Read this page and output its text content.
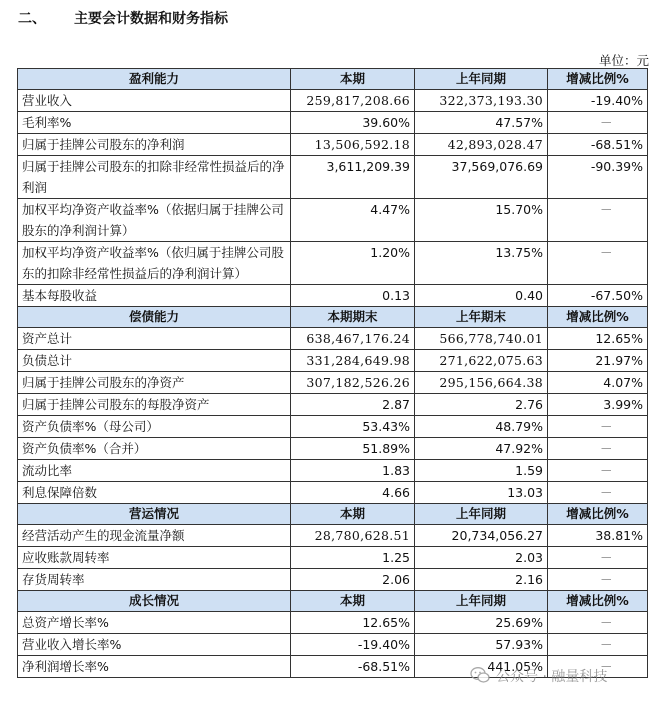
二、 主要会计数据和财务指标
单位：元
盈利能力	本期	上年同期	增减比例%
营业收入	259,817,208.66	322,373,193.30	-19.40%
毛利率%	39.60%	47.57%	－
归属于挂牌公司股东的净利润	13,506,592.18	42,893,028.47	-68.51%
归属于挂牌公司股东的扣除非经常性损益后的净利润	3,611,209.39	37,569,076.69	-90.39%
加权平均净资产收益率%（依据归属于挂牌公司股东的净利润计算）	4.47%	15.70%	－
加权平均净资产收益率%（依归属于挂牌公司股东的扣除非经常性损益后的净利润计算）	1.20%	13.75%	－
基本每股收益	0.13	0.40	-67.50%
偿债能力	本期期末	上年期末	增减比例%
资产总计	638,467,176.24	566,778,740.01	12.65%
负债总计	331,284,649.98	271,622,075.63	21.97%
归属于挂牌公司股东的净资产	307,182,526.26	295,156,664.38	4.07%
归属于挂牌公司股东的每股净资产	2.87	2.76	3.99%
资产负债率%（母公司）	53.43%	48.79%	－
资产负债率%（合并）	51.89%	47.92%	－
流动比率	1.83	1.59	－
利息保障倍数	4.66	13.03	－
营运情况	本期	上年同期	增减比例%
经营活动产生的现金流量净额	28,780,628.51	20,734,056.27	38.81%
应收账款周转率	1.25	2.03	－
存货周转率	2.06	2.16	－
成长情况	本期	上年同期	增减比例%
总资产增长率%	12.65%	25.69%	－
营业收入增长率%	-19.40%	57.93%	－
净利润增长率%	-68.51%	441.05%	－
公众号 · 融量科技
